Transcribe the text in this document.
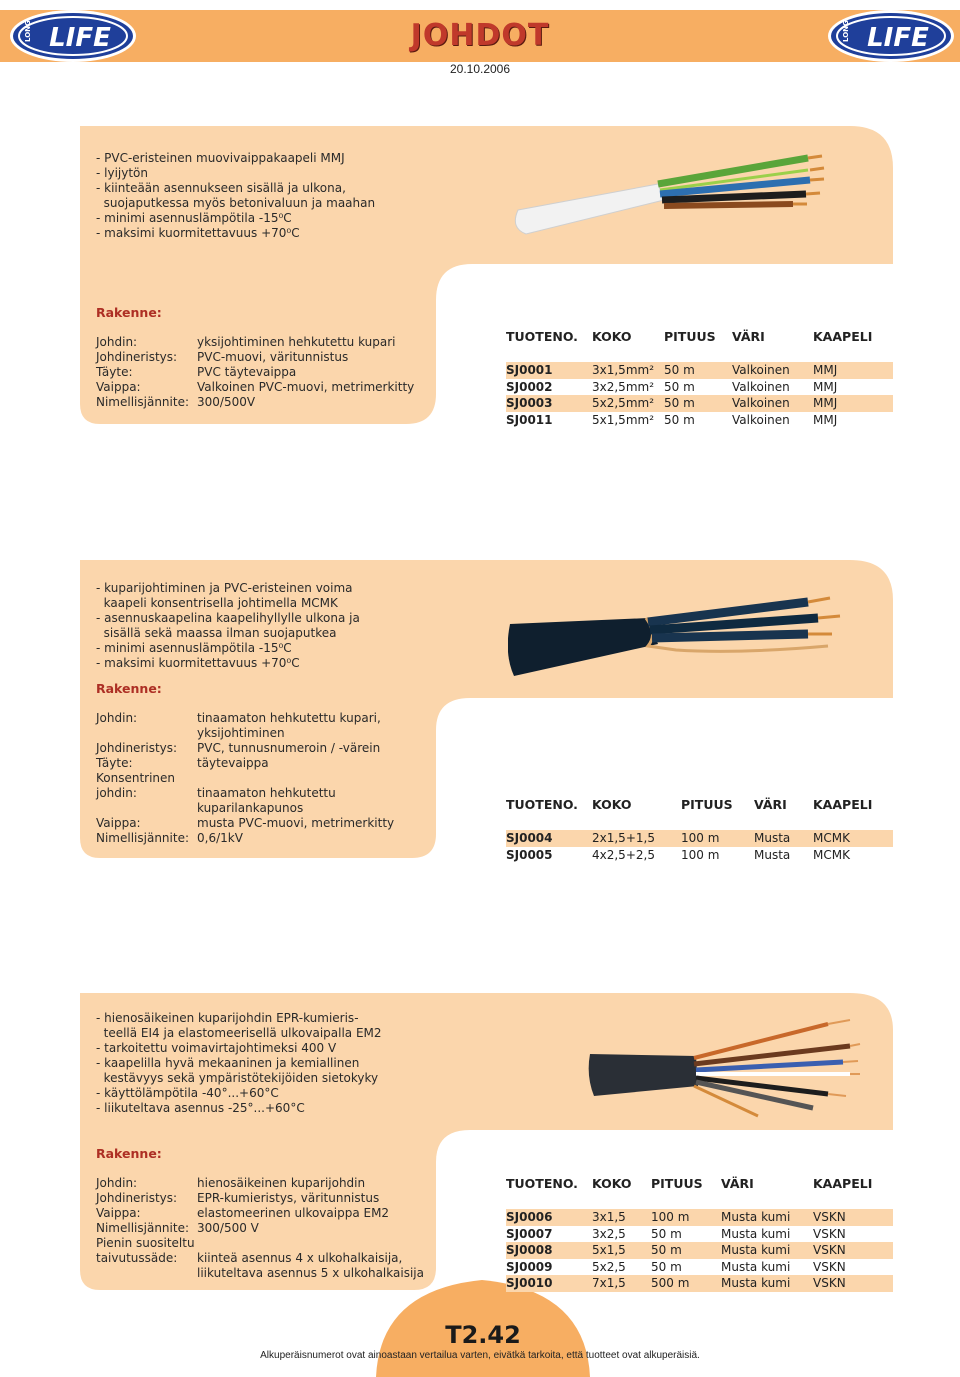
LIFE
LONG	LIFE
LONG
JOHDOT
20.10.2006
- PVC-eristeinen muovivaippakaapeli MMJ
- lyijytön
- kiinteään asennukseen sisällä ja ulkona,
suojaputkessa myös betonivaluun ja maahan
- minimi asennuslämpötila -15⁰C
- maksimi kuormitettavuus +70⁰C
Rakenne:
Johdin:	yksijohtiminen hehkutettu kupari
Johdineristys: PVC-muovi, väritunnistus
Täyte:	PVC täytevaippa
Vaippa:	Valkoinen PVC-muovi, metrimerkitty
Nimellisjännite: 300/500V
TUOTENO. KOKO	PITUUS VÄRI	KAAPELI
SJ0001	3x1,5mm² 50 m	Valkoinen MMJ
SJ0002	3x2,5mm² 50 m	Valkoinen MMJ
SJ0003	5x2,5mm² 50 m	Valkoinen MMJ
SJ0011	5x1,5mm² 50 m	Valkoinen MMJ
- kuparijohtiminen ja PVC-eristeinen voima
kaapeli konsentrisella johtimella MCMK
- asennuskaapelina kaapelihyllylle ulkona ja
sisällä sekä maassa ilman suojaputkea
- minimi asennuslämpötila -15⁰C
- maksimi kuormitettavuus +70⁰C
Rakenne:
Johdin:	tinaamaton hehkutettu kupari,
yksijohtiminen
Johdineristys: PVC, tunnusnumeroin / -värein
Täyte:	täytevaippa
Konsentrinen
johdin:	tinaamaton hehkutettu
kuparilankapunos
Vaippa:	musta PVC-muovi, metrimerkitty
Nimellisjännite: 0,6/1kV
TUOTENO. KOKO	PITUUS VÄRI KAAPELI
SJ0004	2x1,5+1,5 100 m	Musta MCMK
SJ0005	4x2,5+2,5 100 m	Musta MCMK
- hienosäikeinen kuparijohdin EPR-kumieris-
teellä EI4 ja elastomeerisellä ulkovaipalla EM2
- tarkoitettu voimavirtajohtimeksi 400 V
- kaapelilla hyvä mekaaninen ja kemiallinen
kestävyys sekä ympäristötekijöiden sietokyky
- käyttölämpötila -40°...+60°C
- liikuteltava asennus -25°...+60°C
Rakenne:
Johdin:	hienosäikeinen kuparijohdin
Johdineristys: EPR-kumieristys, väritunnistus
Vaippa:	elastomeerinen ulkovaippa EM2
Nimellisjännite: 300/500 V
Pienin suositeltu
taivutussäde: kiinteä asennus 4 x ulkohalkaisija,
liikuteltava asennus 5 x ulkohalkaisija
TUOTENO. KOKO PITUUS VÄRI	KAAPELI
SJ0006	3x1,5 100 m	Musta kumi VSKN
SJ0007	3x2,5 50 m	Musta kumi VSKN
SJ0008	5x1,5 50 m	Musta kumi VSKN
SJ0009	5x2,5 50 m	Musta kumi VSKN
SJ0010	7x1,5 500 m	Musta kumi VSKN
T2.42
Alkuperäisnumerot ovat ainoastaan vertailua varten, eivätkä tarkoita, että tuotteet ovat alkuperäisiä.
